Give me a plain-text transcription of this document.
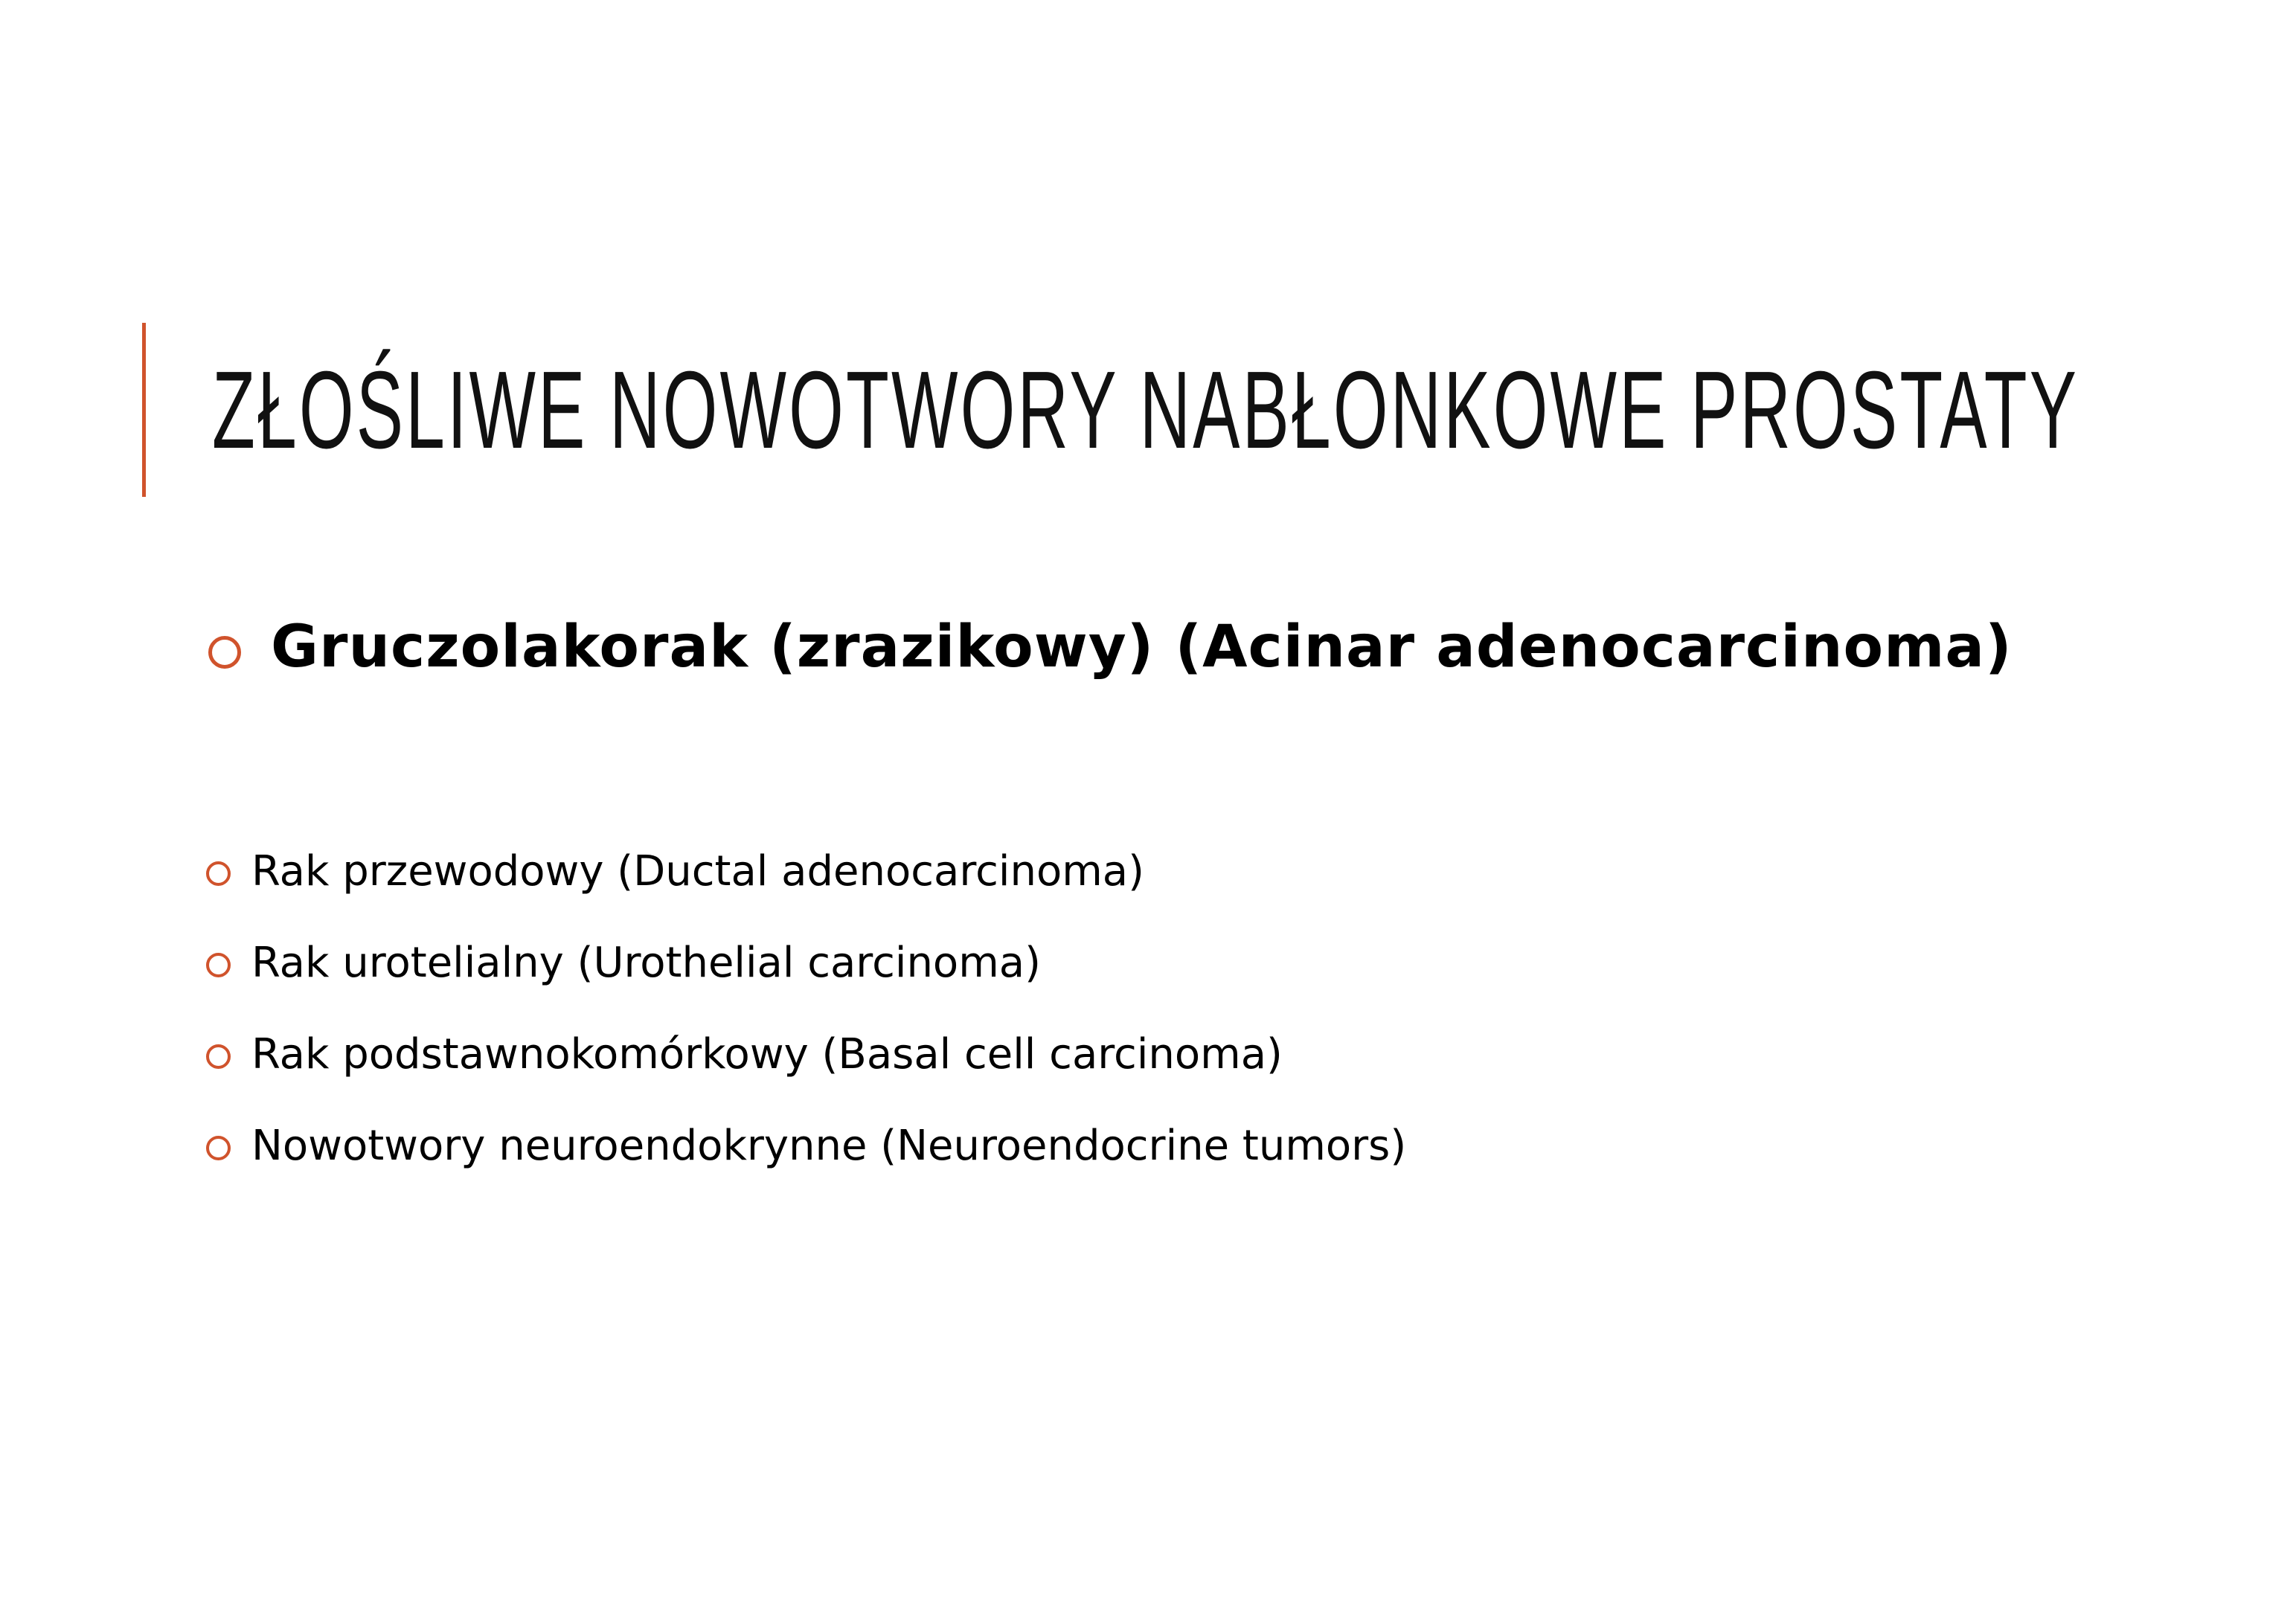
ZŁOŚLIWE NOWOTWORY NABŁONKOWE PROSTATY
Gruczolakorak (zrazikowy) (Acinar adenocarcinoma)
Rak przewodowy (Ductal adenocarcinoma)
Rak urotelialny (Urothelial carcinoma)
Rak podstawnokomórkowy (Basal cell carcinoma)
Nowotwory neuroendokrynne (Neuroendocrine tumors)
